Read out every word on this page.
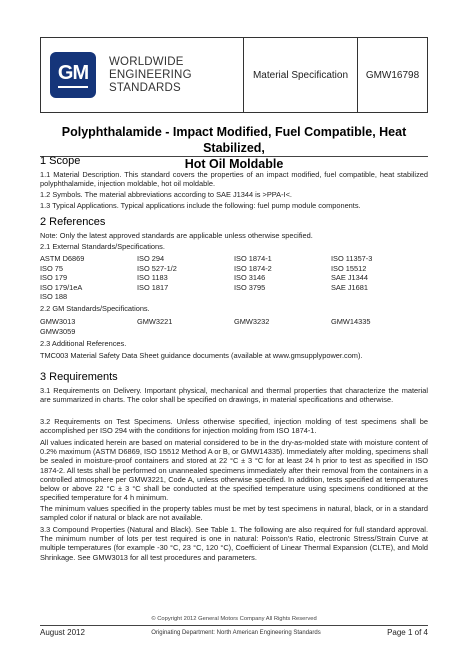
GM WORLDWIDE
ENGINEERING
STANDARDS
Material Specification	GMW16798
Polyphthalamide - Impact Modified, Fuel Compatible, Heat Stabilized,
Hot Oil Moldable
1 Scope

1.1 Material Description. This standard covers the properties of an impact modified, fuel compatible, heat stabilized polyphthalamide, injection moldable, hot oil moldable.

1.2 Symbols. The material abbreviations according to SAE J1344 is >PPA-I<.

1.3 Typical Applications. Typical applications include the following: fuel pump module components.

2 References

Note: Only the latest approved standards are applicable unless otherwise specified.

2.1 External Standards/Specifications.

ASTM D6869	ISO 294	ISO 1874-1	ISO 11357-3
ISO 75	ISO 527-1/2	ISO 1874-2	ISO 15512
ISO 179	ISO 1183	ISO 3146	SAE J1344
ISO 179/1eA	ISO 1817	ISO 3795	SAE J1681
ISO 188

2.2 GM Standards/Specifications.

GMW3013	GMW3221	GMW3232	GMW14335
GMW3059

2.3 Additional References.

TMC003 Material Safety Data Sheet guidance documents (available at www.gmsupplypower.com).

3 Requirements

3.1 Requirements on Delivery. Important physical, mechanical and thermal properties that characterize the material are summarized in charts. The color shall be specified on drawings, in material specifications and otherwise.

3.2 Requirements on Test Specimens. Unless otherwise specified, injection molding of test specimens shall be accomplished per ISO 294 with the conditions for injection molding from ISO 1874-1.

All values indicated herein are based on material considered to be in the dry-as-molded state with moisture content of 0.2% maximum (ASTM D6869, ISO 15512 Method A or B, or GMW14335). Immediately after molding, specimens shall be sealed in moisture-proof containers and stored at 22 °C ± 3 °C for at least 24 h prior to test as specified in ISO 1874-2. All tests shall be performed on unannealed specimens immediately after their removal from the containers in a controlled atmosphere per GMW3221, Code A, unless otherwise specified. In addition, tests specified at temperatures below or above 22 °C ± 3 °C shall be conducted at the specified temperature using specimens conditioned at the specified temperature for 4 h minimum.

The minimum values specified in the property tables must be met by test specimens in natural, black, or in a standard sampled color if natural or black are not available.

3.3 Compound Properties (Natural and Black). See Table 1. The following are also required for full standard approval. The minimum number of lots per test required is one in natural: Poisson’s Ratio, electronic Stress/Strain Curve at multiple temperatures (for example -30 °C, 23 °C, 120 °C), Coefficient of Linear Thermal Expansion (CLTE), and Mold Shrinkage. See GMW3013 for all test procedures and parameters.

© Copyright 2012 General Motors Company All Rights Reserved
August 2012	Originating Department: North American Engineering Standards	Page 1 of 4
